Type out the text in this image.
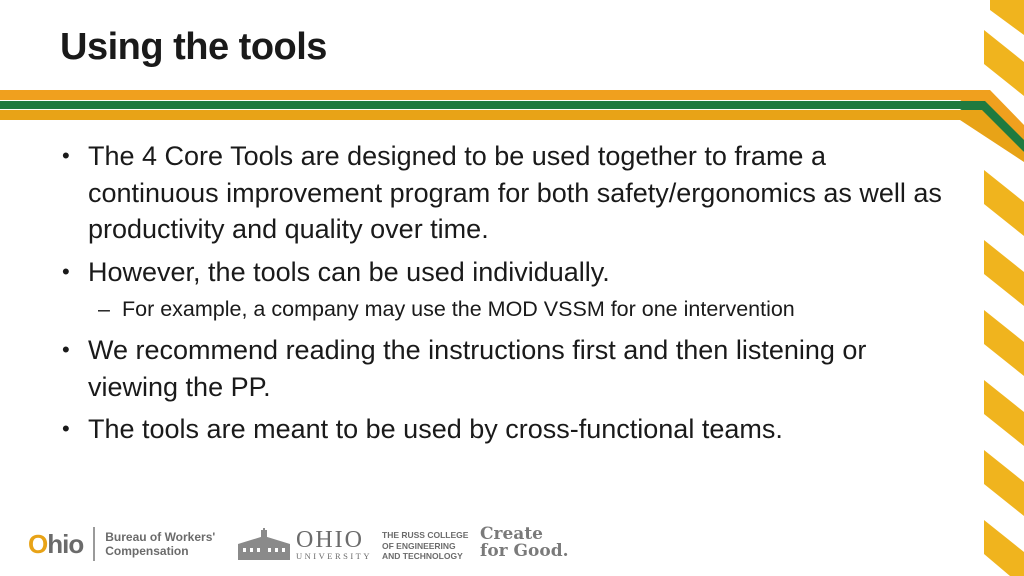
Using the tools
• The 4 Core Tools are designed to be used together to frame a continuous improvement program for both safety/ergonomics as well as productivity and quality over time.
• However, the tools can be used individually.
– For example, a company may use the MOD VSSM for one intervention
• We recommend reading the instructions first and then listening or viewing the PP.
• The tools are meant to be used by cross-functional teams.
Ohio Bureau of Workers'
Compensation	OHIO
UNIVERSITY
THE RUSS COLLEGE
OF ENGINEERING
AND TECHNOLOGY
Create
for Good.
